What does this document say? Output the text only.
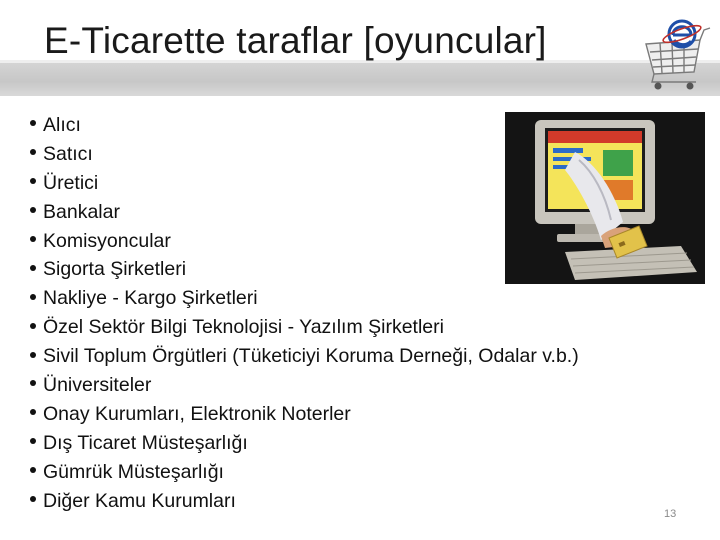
E-Ticarette taraflar [oyuncular]
Alıcı
Satıcı
Üretici
Bankalar
Komisyoncular
Sigorta Şirketleri
Nakliye - Kargo Şirketleri
Özel Sektör Bilgi Teknolojisi - Yazılım Şirketleri
Sivil Toplum Örgütleri (Tüketiciyi Koruma Derneği, Odalar v.b.)
Üniversiteler
Onay Kurumları, Elektronik Noterler
Dış Ticaret Müsteşarlığı
Gümrük Müsteşarlığı
Diğer Kamu Kurumları
13
